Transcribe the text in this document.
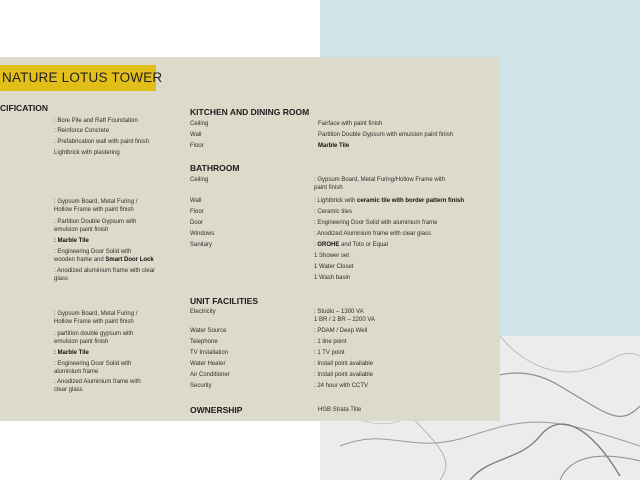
NATURE LOTUS TOWER
CIFICATION
: Bore Pile and Raft Foundation
: Reinforce Concrete
: Prefabrication wall with paint finish
Lightbrick with plastering
: Gypsum Board, Metal Furing /
Hollow Frame with paint finish
: Partition Double Gypsum with
emulsion paint finish
: Marble Tile
: Engineering Door Solid with
wooden frame and Smart Door Lock
: Anodized aluminium frame with clear
glass
: Gypsum Board, Metal Furing /
Hollow Frame with paint finish
: partition double gypsum with
emulsion paint finish
: Marble Tile
: Engineering Door Solid with
aluminium frame
: Anodized Aluminium frame with
clear glass
KITCHEN AND DINING ROOM
Ceiling	Fairface with paint finish
Wall	Partition Double Gypsum with emulsion paint finish
Floor	Marble Tile
BATHROOM
Ceiling	: Gypsum Board, Metal Furing/Hollow Frame with
paint finish
Wall	: Lightbrick with ceramic tile with border pattern finish
Floor	: Ceramic tiles
Door	: Engineering Door Solid with aluminium frame
Windows	: Anodized Aluminium frame with clear glass
Sanitary	: GROHE and Toto or Equal
1 Shower set
1 Water Closet
1 Wash basin
UNIT FACILITIES
Electricity	: Studio – 1300 VA
1 BR / 2 BR – 2200 VA
Water Source	: PDAM / Deep Well
Telephone	: 1 line point
TV Installation	: 1 TV point
Water Heater	: Install point available
Air Conditioner	: Install point available
Security	: 24 hour with CCTV
OWNERSHIP	HGB Strata Title
